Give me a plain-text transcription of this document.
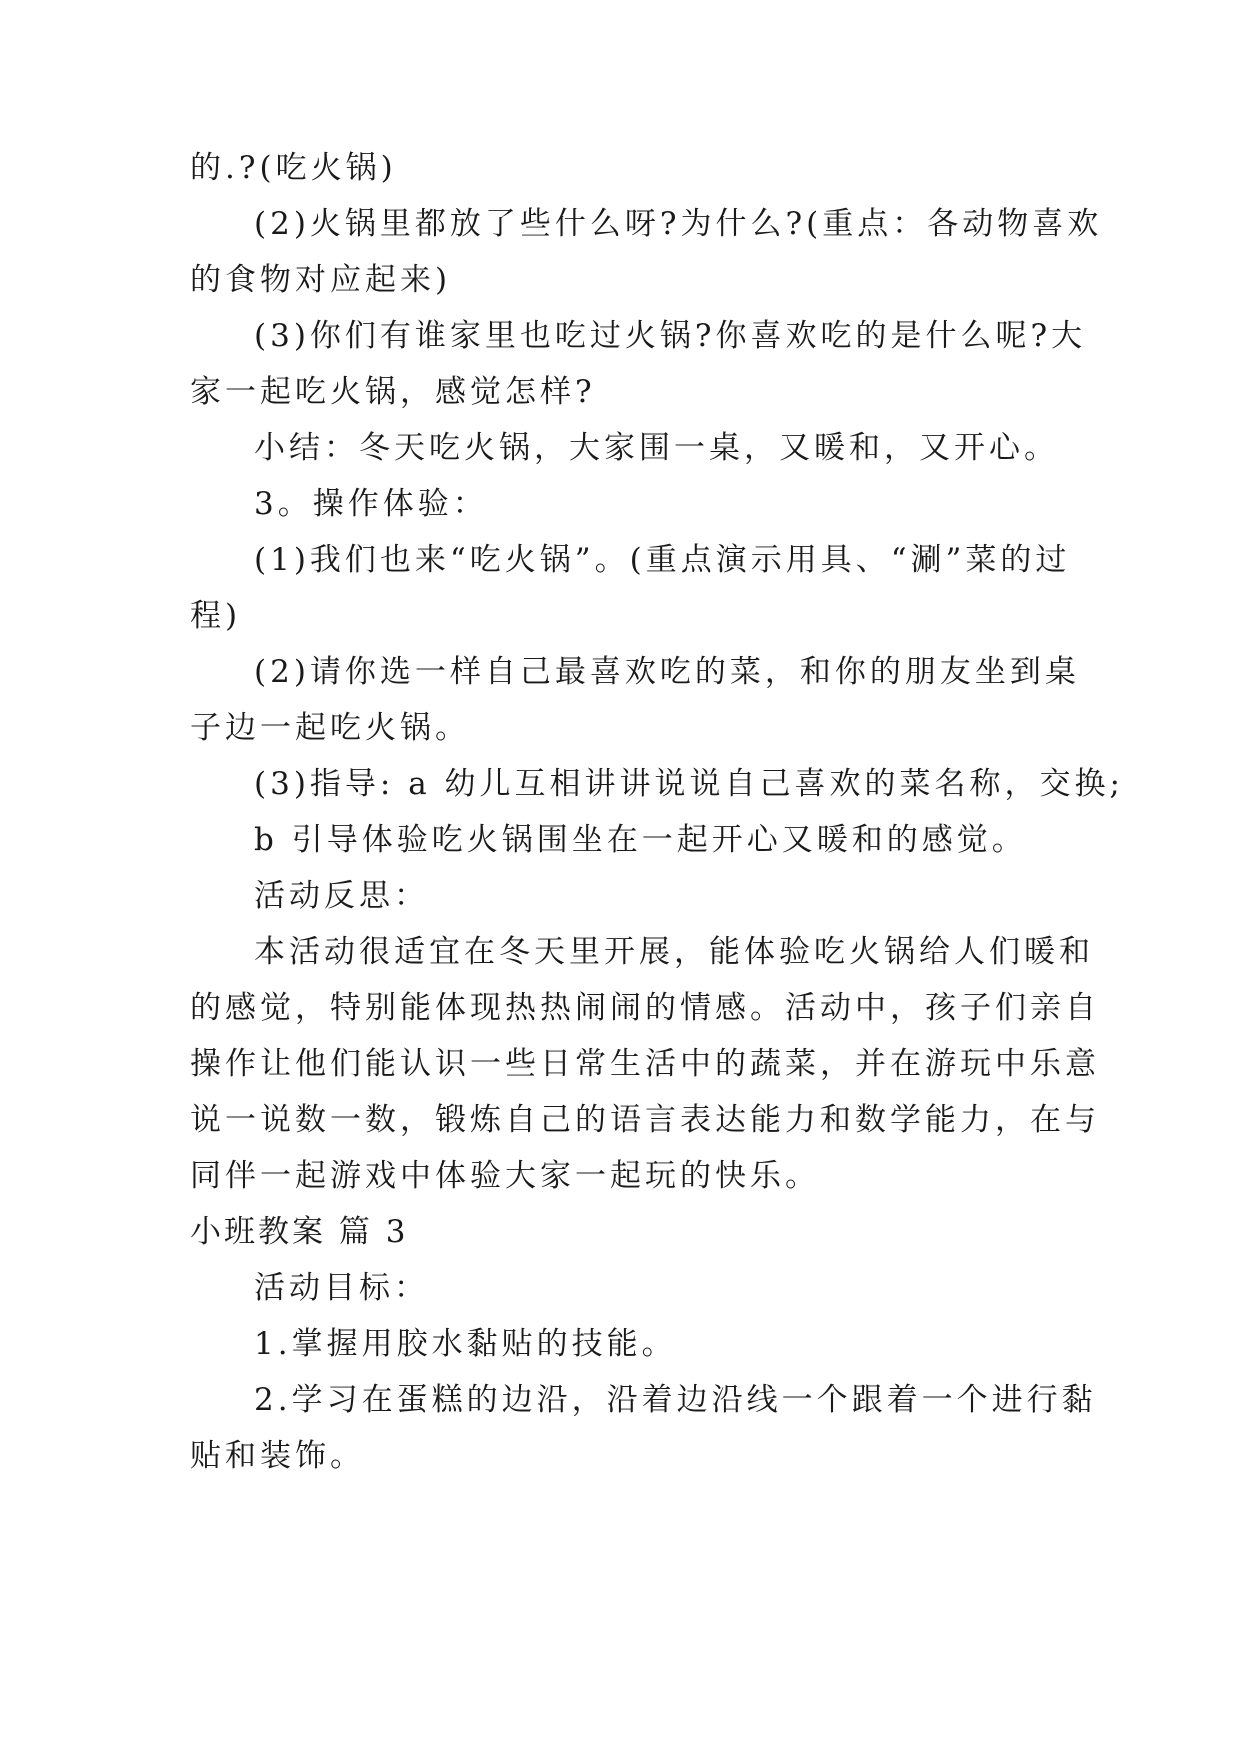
的.?(吃火锅)
(2)火锅里都放了些什么呀?为什么?(重点：各动物喜欢
的食物对应起来)
(3)你们有谁家里也吃过火锅?你喜欢吃的是什么呢?大
家一起吃火锅，感觉怎样?
小结：冬天吃火锅，大家围一桌，又暖和，又开心。
3。操作体验：
(1)我们也来“吃火锅”。(重点演示用具、“涮”菜的过
程)
(2)请你选一样自己最喜欢吃的菜，和你的朋友坐到桌
子边一起吃火锅。
(3)指导: a 幼儿互相讲讲说说自己喜欢的菜名称，交换;
b 引导体验吃火锅围坐在一起开心又暖和的感觉。
活动反思：
本活动很适宜在冬天里开展，能体验吃火锅给人们暖和
的感觉，特别能体现热热闹闹的情感。活动中，孩子们亲自
操作让他们能认识一些日常生活中的蔬菜，并在游玩中乐意
说一说数一数，锻炼自己的语言表达能力和数学能力，在与
同伴一起游戏中体验大家一起玩的快乐。
小班教案 篇 3
活动目标：
1.掌握用胶水黏贴的技能。
2.学习在蛋糕的边沿，沿着边沿线一个跟着一个进行黏
贴和装饰。
